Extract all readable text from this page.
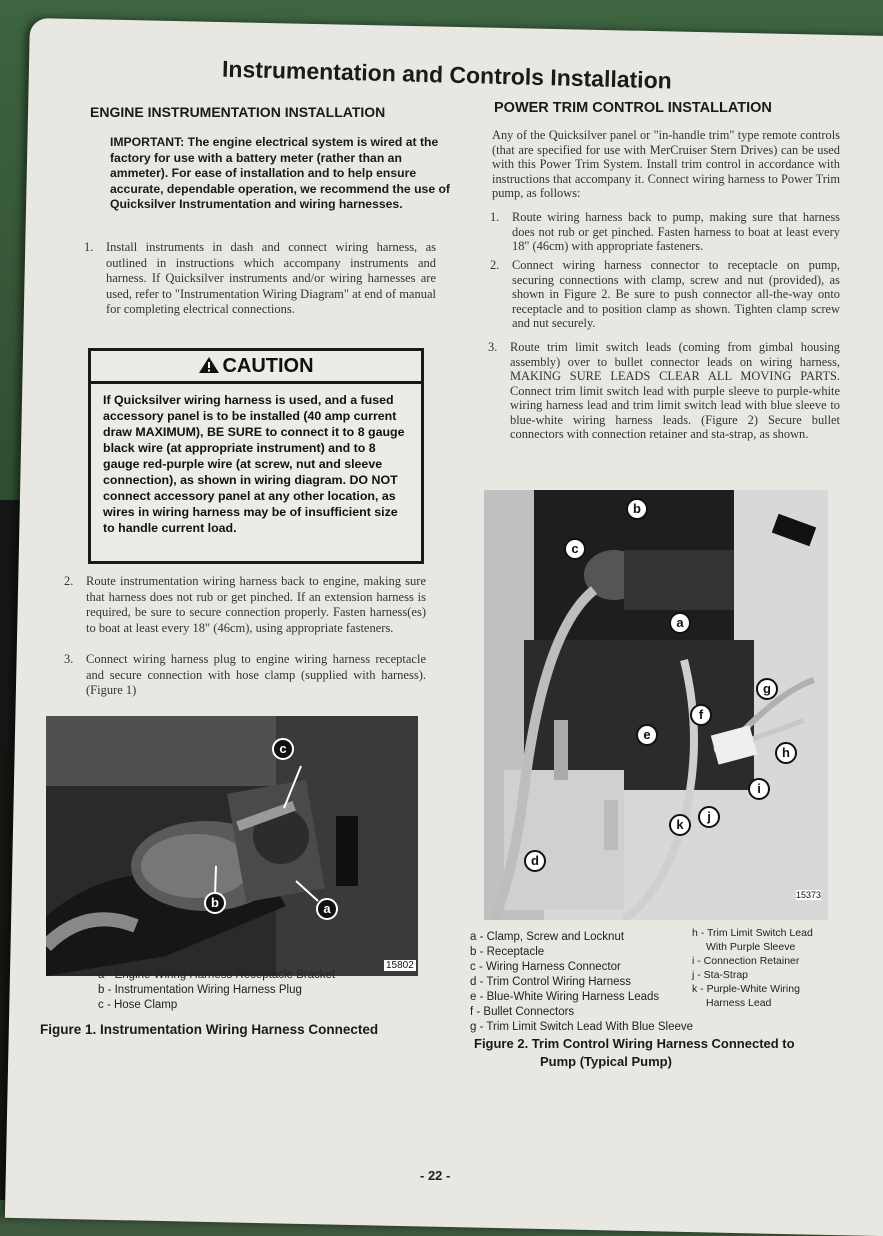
Instrumentation and Controls Installation
ENGINE INSTRUMENTATION INSTALLATION
IMPORTANT: The engine electrical system is wired at the factory for use with a battery meter (rather than an ammeter). For ease of installation and to help ensure accurate, dependable operation, we recommend the use of Quicksilver Instrumentation and wiring harnesses.
1.	Install instruments in dash and connect wiring harness, as outlined in instructions which accompany instruments and harness. If Quicksilver instruments and/or wiring harnesses are used, refer to "Instrumentation Wiring Diagram" at end of manual for completing electrical connections.
CAUTION
If Quicksilver wiring harness is used, and a fused accessory panel is to be installed (40 amp current draw MAXIMUM), BE SURE to connect it to 8 gauge black wire (at appropriate instrument) and to 8 gauge red-purple wire (at screw, nut and sleeve connection), as shown in wiring diagram. DO NOT connect accessory panel at any other location, as wires in wiring harness may be of insufficient size to handle current load.
2.	Route instrumentation wiring harness back to engine, making sure that harness does not rub or get pinched. If an extension harness is required, be sure to secure connection properly. Fasten harness(es) to boat at least every 18" (46cm), using appropriate fasteners.
3.	Connect wiring harness plug to engine wiring harness receptacle and secure connection with hose clamp (supplied with harness). (Figure 1)
c
b	a
15802
a - Engine Wiring Harness Receptacle Bracket
b - Instrumentation Wiring Harness Plug
c - Hose Clamp
Figure 1. Instrumentation Wiring Harness Connected
POWER TRIM CONTROL INSTALLATION
Any of the Quicksilver panel or "in-handle trim" type remote controls (that are specified for use with MerCruiser Stern Drives) can be used with this Power Trim System. Install trim control in accordance with instructions that accompany it. Connect wiring harness to Power Trim pump, as follows:
1.	Route wiring harness back to pump, making sure that harness does not rub or get pinched. Fasten harness to boat at least every 18" (46cm) with appropriate fasteners.
2.	Connect wiring harness connector to receptacle on pump, securing connections with clamp, screw and nut (provided), as shown in Figure 2. Be sure to push connector all-the-way onto receptacle and to position clamp as shown. Tighten clamp screw and nut securely.
3.	Route trim limit switch leads (coming from gimbal housing assembly) over to bullet connector leads on wiring harness, MAKING SURE LEADS CLEAR ALL MOVING PARTS. Connect trim limit switch lead with purple sleeve to purple-white wiring harness lead and trim limit switch lead with blue sleeve to blue-white wiring harness leads. (Figure 2) Secure bullet connectors with connection retainer and sta-strap, as shown.
b
c
a
g
f
e
h
i
j
k
d
15373
a - Clamp, Screw and Locknut
b - Receptacle
c - Wiring Harness Connector
d - Trim Control Wiring Harness
e - Blue-White Wiring Harness Leads
f - Bullet Connectors
g - Trim Limit Switch Lead With Blue Sleeve
h - Trim Limit Switch Lead
With Purple Sleeve
i - Connection Retainer
j - Sta-Strap
k - Purple-White Wiring
Harness Lead
Figure 2. Trim Control Wiring Harness Connected to
Pump (Typical Pump)
- 22 -
